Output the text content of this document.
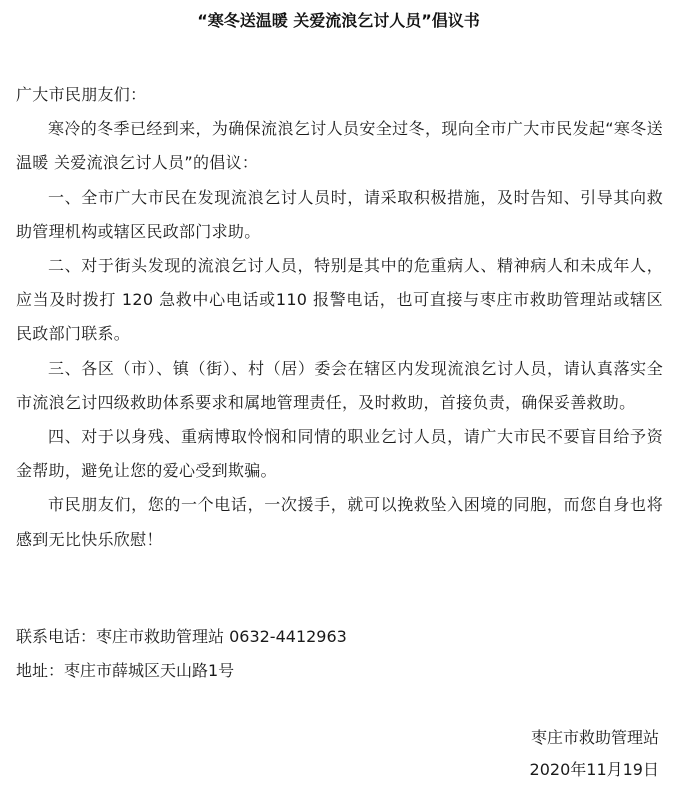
“寒冬送温暖 关爱流浪乞讨人员”倡议书

广大市民朋友们：

寒冷的冬季已经到来，为确保流浪乞讨人员安全过冬，现向全市广大市民发起“寒冬送温暖 关爱流浪乞讨人员”的倡议：

一、全市广大市民在发现流浪乞讨人员时，请采取积极措施，及时告知、引导其向救助管理机构或辖区民政部门求助。

二、对于街头发现的流浪乞讨人员，特别是其中的危重病人、精神病人和未成年人，应当及时拨打 120 急救中心电话或110 报警电话，也可直接与枣庄市救助管理站或辖区民政部门联系。

三、各区（市）、镇（街）、村（居）委会在辖区内发现流浪乞讨人员，请认真落实全市流浪乞讨四级救助体系要求和属地管理责任，及时救助，首接负责，确保妥善救助。

四、对于以身残、重病博取怜悯和同情的职业乞讨人员，请广大市民不要盲目给予资金帮助，避免让您的爱心受到欺骗。

市民朋友们，您的一个电话，一次援手，就可以挽救坠入困境的同胞，而您自身也将感到无比快乐欣慰！

联系电话：枣庄市救助管理站 0632-4412963
地址：枣庄市薛城区天山路1号
枣庄市救助管理站
2020年11月19日
